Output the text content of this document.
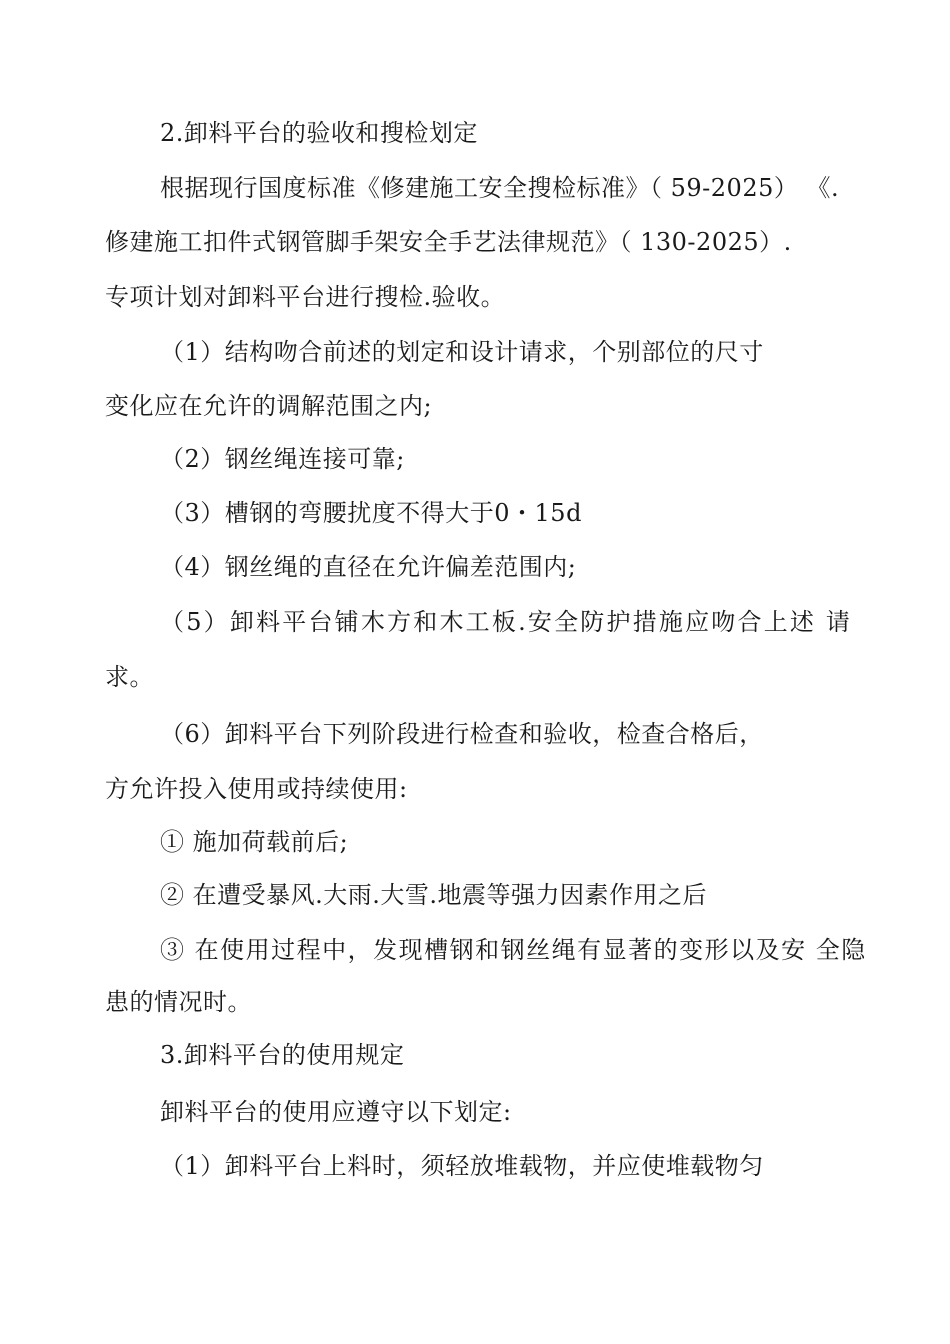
2.卸料平台的验收和搜检划定
根据现行国度标准《修建施工安全搜检标准》（ 59-2025） 《.
修建施工扣件式钢管脚手架安全手艺法律规范》（ 130-2025）.
专项计划对卸料平台进行搜检.验收。
（1）结构吻合前述的划定和设计请求，个别部位的尺寸
变化应在允许的调解范围之内;
（2）钢丝绳连接可靠;
（3）槽钢的弯腰扰度不得大于0・15d
（4）钢丝绳的直径在允许偏差范围内;
（5）卸料平台铺木方和木工板.安全防护措施应吻合上述 请
求。
（6）卸料平台下列阶段进行检查和验收，检查合格后，
方允许投入使用或持续使用:
① 施加荷载前后;
② 在遭受暴风.大雨.大雪.地震等强力因素作用之后
③ 在使用过程中，发现槽钢和钢丝绳有显著的变形以及安 全隐
患的情况时。
3.卸料平台的使用规定
卸料平台的使用应遵守以下划定:
（1）卸料平台上料时，须轻放堆载物，并应使堆载物匀
